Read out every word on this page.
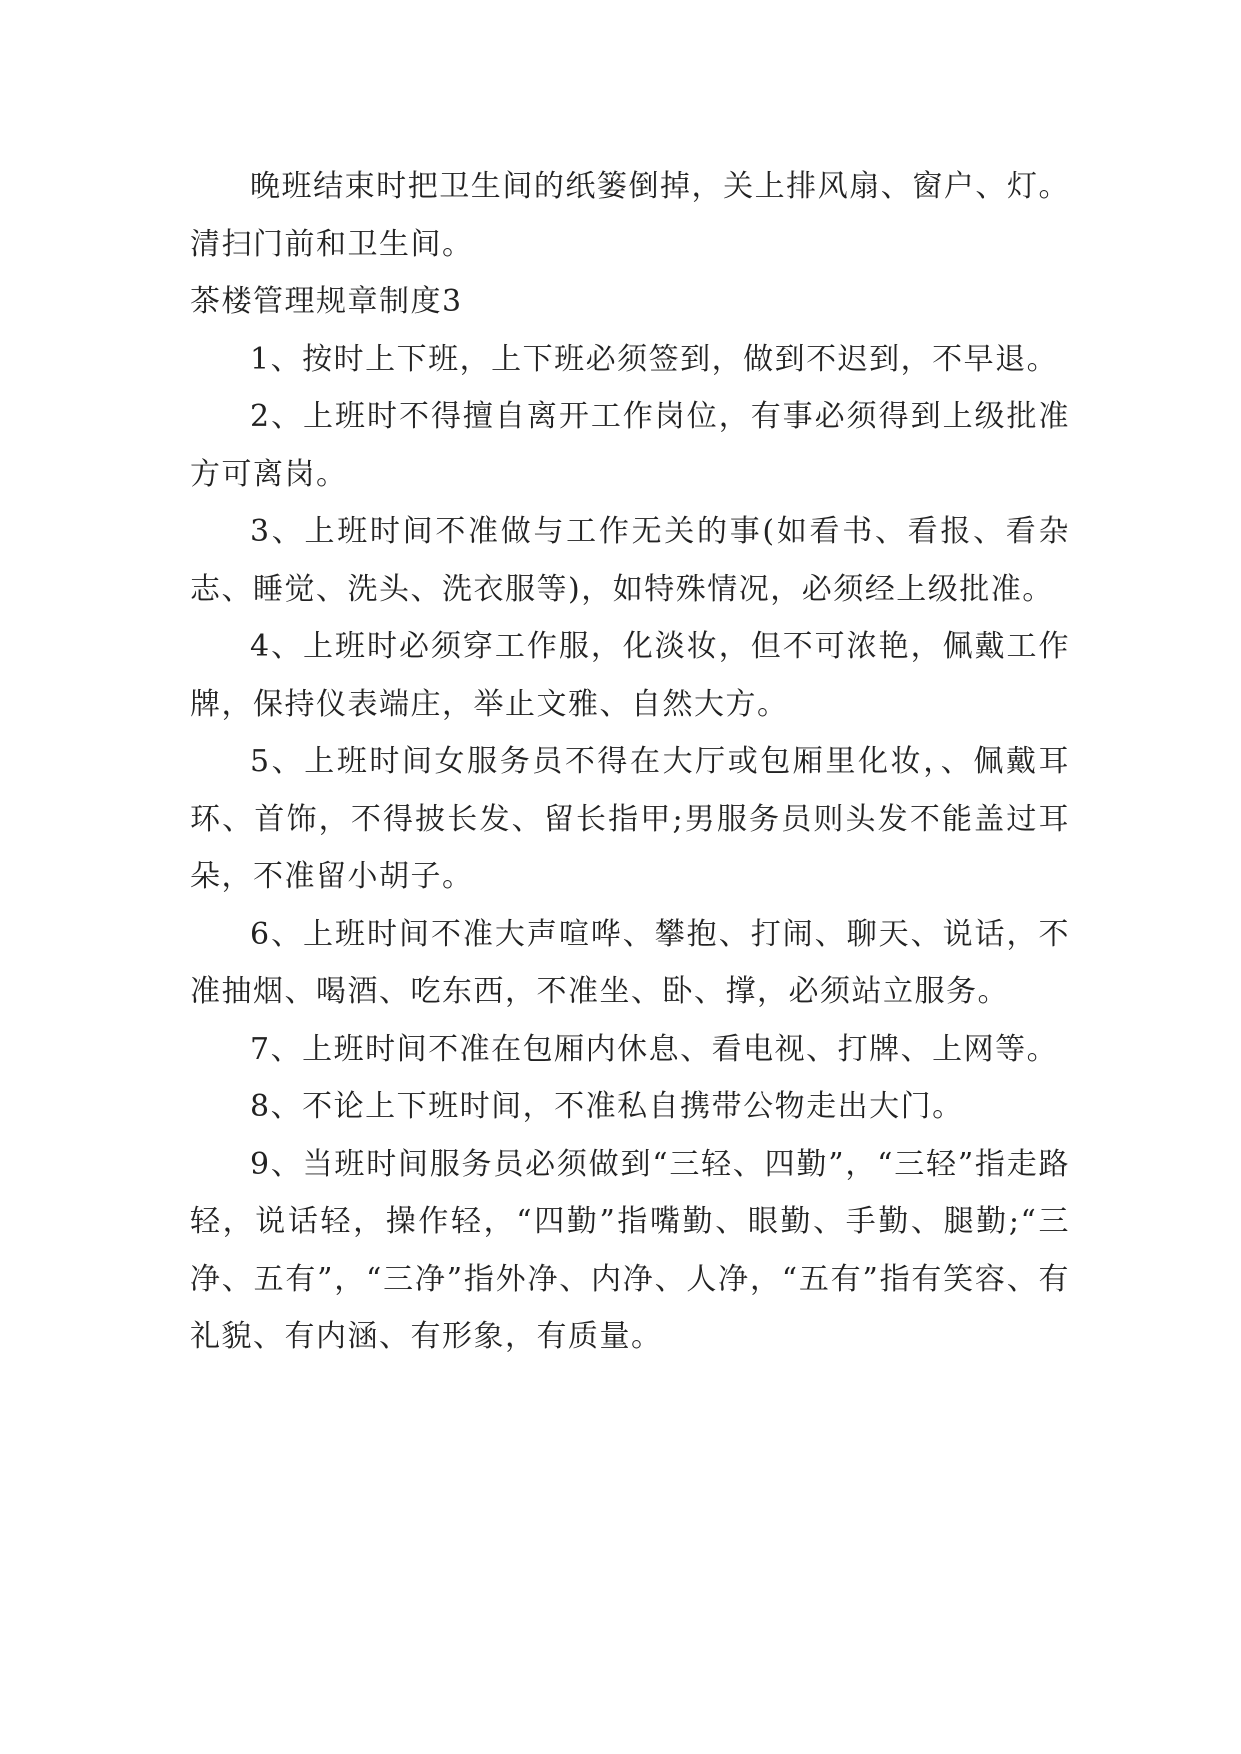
晚班结束时把卫生间的纸篓倒掉，关上排风扇、窗户、灯。清扫门前和卫生间。

茶楼管理规章制度3

1、按时上下班，上下班必须签到，做到不迟到，不早退。

2、上班时不得擅自离开工作岗位，有事必须得到上级批准方可离岗。

3、上班时间不准做与工作无关的事(如看书、看报、看杂志、睡觉、洗头、洗衣服等)，如特殊情况，必须经上级批准。

4、上班时必须穿工作服，化淡妆，但不可浓艳，佩戴工作牌，保持仪表端庄，举止文雅、自然大方。

5、上班时间女服务员不得在大厅或包厢里化妆，、佩戴耳环、首饰，不得披长发、留长指甲;男服务员则头发不能盖过耳朵，不准留小胡子。

6、上班时间不准大声喧哗、攀抱、打闹、聊天、说话，不准抽烟、喝酒、吃东西，不准坐、卧、撑，必须站立服务。

7、上班时间不准在包厢内休息、看电视、打牌、上网等。

8、不论上下班时间，不准私自携带公物走出大门。

9、当班时间服务员必须做到“三轻、四勤”，“三轻”指走路轻，说话轻，操作轻，“四勤”指嘴勤、眼勤、手勤、腿勤;“三净、五有”，“三净”指外净、内净、人净，“五有”指有笑容、有礼貌、有内涵、有形象，有质量。
